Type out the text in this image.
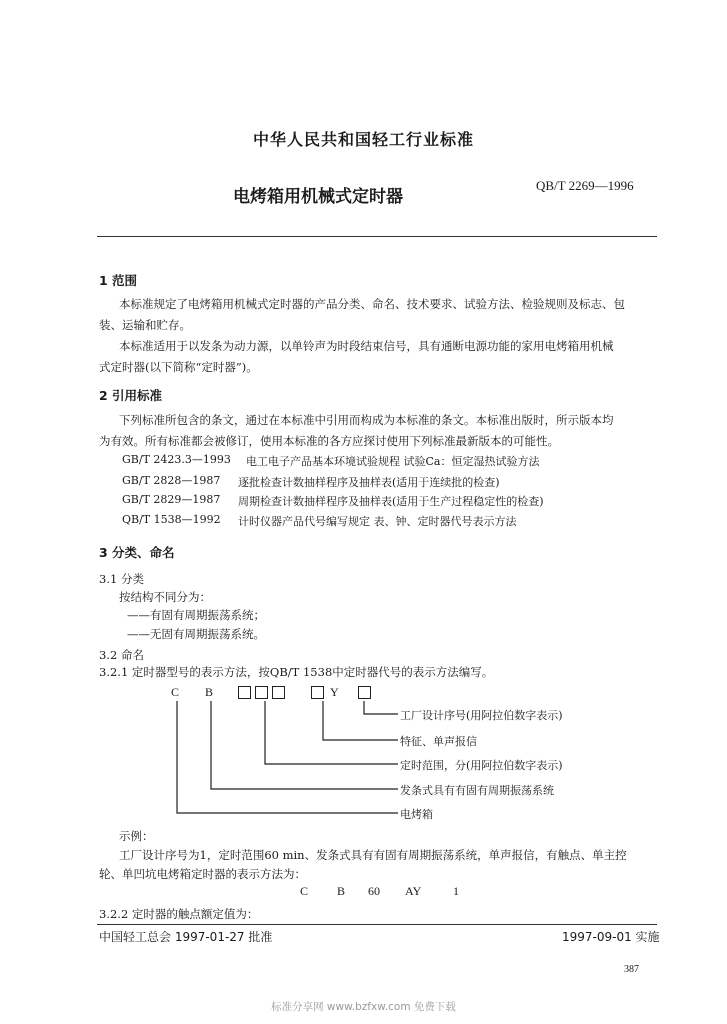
中华人民共和国轻工行业标准
电烤箱用机械式定时器
QB/T 2269—1996
1 范围
本标准规定了电烤箱用机械式定时器的产品分类、命名、技术要求、试验方法、检验规则及标志、包
装、运输和贮存。
本标准适用于以发条为动力源，以单铃声为时段结束信号，具有通断电源功能的家用电烤箱用机械
式定时器(以下简称“定时器”)。
2 引用标准
下列标准所包含的条文，通过在本标准中引用而构成为本标准的条文。本标准出版时，所示版本均
为有效。所有标准都会被修订，使用本标准的各方应探讨使用下列标准最新版本的可能性。
GB/T 2423.3—1993 电工电子产品基本环境试验规程 试验Ca：恒定湿热试验方法
GB/T 2828—1987 逐批检查计数抽样程序及抽样表(适用于连续批的检查)
GB/T 2829—1987 周期检查计数抽样程序及抽样表(适用于生产过程稳定性的检查)
QB/T 1538—1992 计时仪器产品代号编写规定 表、钟、定时器代号表示方法
3 分类、命名
3.1 分类
按结构不同分为：
——有固有周期振荡系统；
——无固有周期振荡系统。
3.2 命名
3.2.1 定时器型号的表示方法，按QB/T 1538中定时器代号的表示方法编写。
C B	Y
工厂设计序号(用阿拉伯数字表示)
特征、单声报信
定时范围，分(用阿拉伯数字表示)
发条式具有有固有周期振荡系统
电烤箱
示例：
工厂设计序号为1，定时范围60 min、发条式具有有固有周期振荡系统，单声报信，有触点、单主控
轮、单凹坑电烤箱定时器的表示方法为：
C B 60 AY	1
3.2.2 定时器的触点额定值为：
中国轻工总会 1997-01-27 批准	1997-09-01 实施
387
标准分享网 www.bzfxw.com 免费下载
